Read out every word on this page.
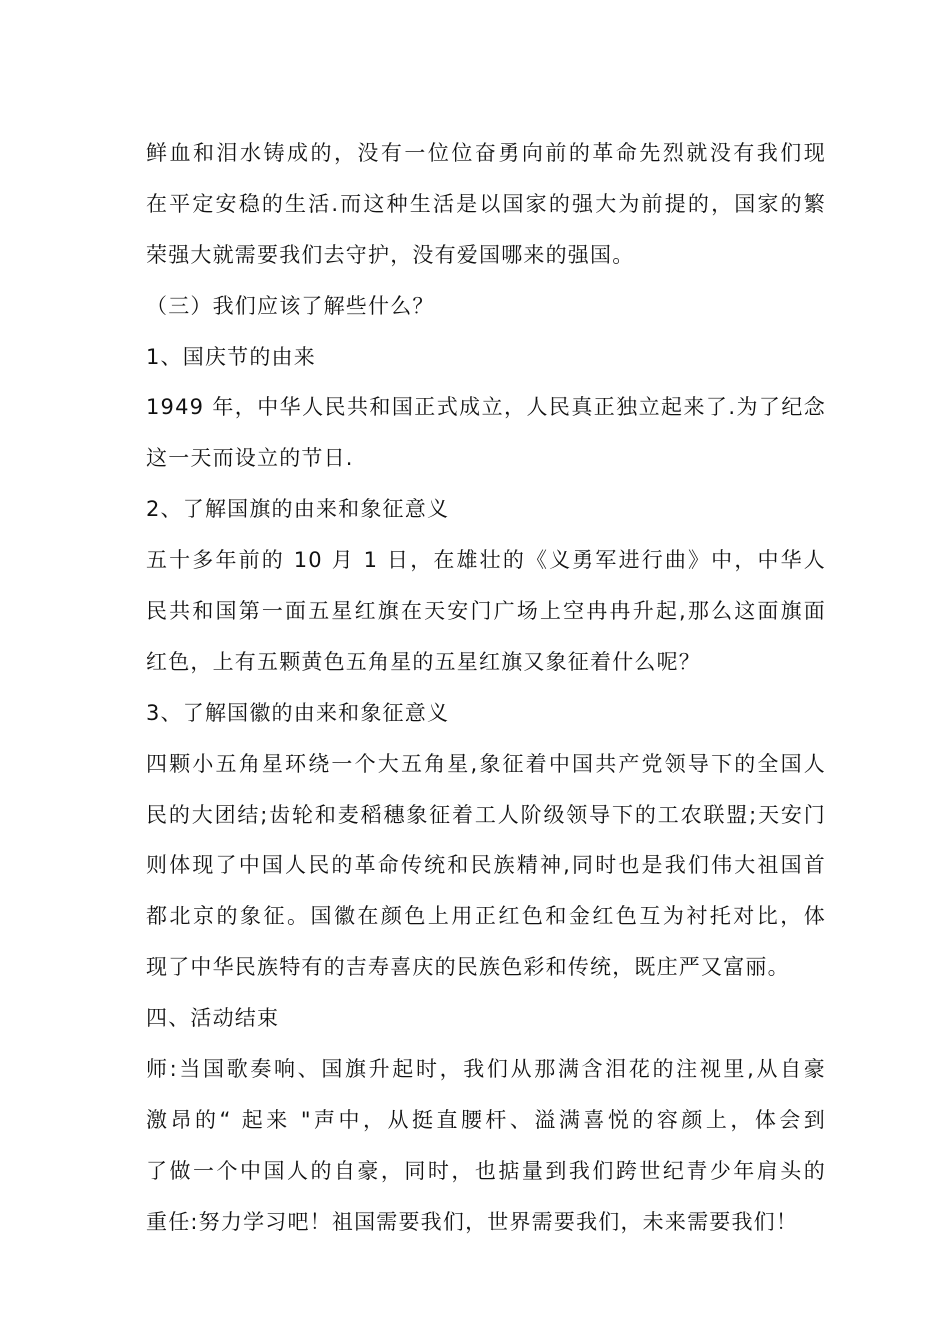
鲜血和泪水铸成的，没有一位位奋勇向前的革命先烈就没有我们现
在平定安稳的生活.而这种生活是以国家的强大为前提的，国家的繁
荣强大就需要我们去守护，没有爱国哪来的强国。
（三）我们应该了解些什么？
1、国庆节的由来
1949 年，中华人民共和国正式成立，人民真正独立起来了.为了纪念
这一天而设立的节日.
2、了解国旗的由来和象征意义
五十多年前的 10 月 1 日，在雄壮的《义勇军进行曲》中，中华人
民共和国第一面五星红旗在天安门广场上空冉冉升起,那么这面旗面
红色，上有五颗黄色五角星的五星红旗又象征着什么呢？
3、了解国徽的由来和象征意义
四颗小五角星环绕一个大五角星,象征着中国共产党领导下的全国人
民的大团结;齿轮和麦稻穗象征着工人阶级领导下的工农联盟;天安门
则体现了中国人民的革命传统和民族精神,同时也是我们伟大祖国首
都北京的象征。国徽在颜色上用正红色和金红色互为衬托对比，体
现了中华民族特有的吉寿喜庆的民族色彩和传统，既庄严又富丽。
四、活动结束
师:当国歌奏响、国旗升起时，我们从那满含泪花的注视里,从自豪
激昂的“ 起来 "声中，从挺直腰杆、溢满喜悦的容颜上，体会到
了做一个中国人的自豪，同时，也掂量到我们跨世纪青少年肩头的
重任:努力学习吧！祖国需要我们，世界需要我们，未来需要我们！
